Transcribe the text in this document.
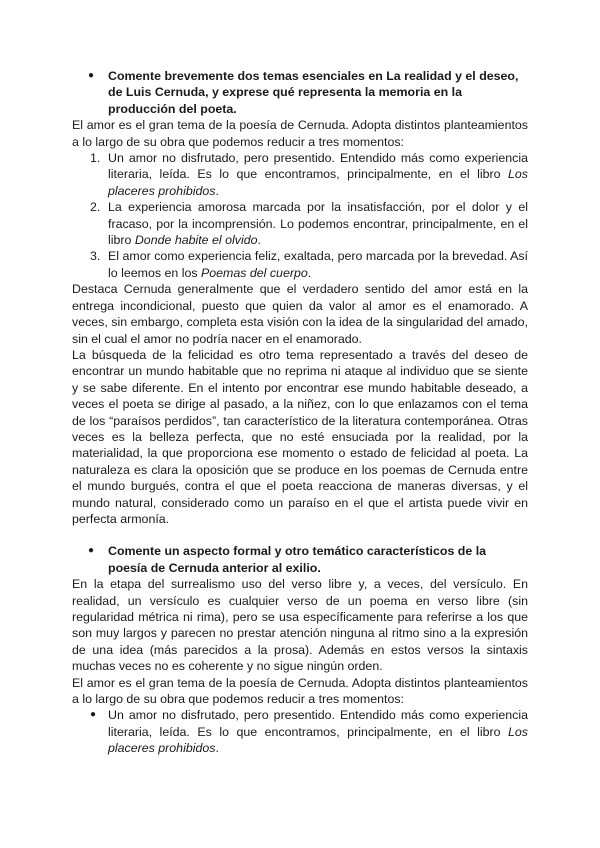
● Comente brevemente dos temas esenciales en La realidad y el deseo, de Luis Cernuda, y exprese qué representa la memoria en la producción del poeta.

El amor es el gran tema de la poesía de Cernuda. Adopta distintos planteamientos a lo largo de su obra que podemos reducir a tres momentos:

1. Un amor no disfrutado, pero presentido. Entendido más como experiencia literaria, leída. Es lo que encontramos, principalmente, en el libro Los placeres prohibidos.
2. La experiencia amorosa marcada por la insatisfacción, por el dolor y el fracaso, por la incomprensión. Lo podemos encontrar, principalmente, en el libro Donde habite el olvido.
3. El amor como experiencia feliz, exaltada, pero marcada por la brevedad. Así lo leemos en los Poemas del cuerpo.

Destaca Cernuda generalmente que el verdadero sentido del amor está en la entrega incondicional, puesto que quien da valor al amor es el enamorado. A veces, sin embargo, completa esta visión con la idea de la singularidad del amado, sin el cual el amor no podría nacer en el enamorado.

La búsqueda de la felicidad es otro tema representado a través del deseo de encontrar un mundo habitable que no reprima ni ataque al individuo que se siente y se sabe diferente. En el intento por encontrar ese mundo habitable deseado, a veces el poeta se dirige al pasado, a la niñez, con lo que enlazamos con el tema de los “paraísos perdidos”, tan característico de la literatura contemporánea. Otras veces es la belleza perfecta, que no esté ensuciada por la realidad, por la materialidad, la que proporciona ese momento o estado de felicidad al poeta. La naturaleza es clara la oposición que se produce en los poemas de Cernuda entre el mundo burgués, contra el que el poeta reacciona de maneras diversas, y el mundo natural, considerado como un paraíso en el que el artista puede vivir en perfecta armonía.

● Comente un aspecto formal y otro temático característicos de la poesía de Cernuda anterior al exilio.

En la etapa del surrealismo uso del verso libre y, a veces, del versículo. En realidad, un versículo es cualquier verso de un poema en verso libre (sin regularidad métrica ni rima), pero se usa específicamente para referirse a los que son muy largos y parecen no prestar atención ninguna al ritmo sino a la expresión de una idea (más parecidos a la prosa). Además en estos versos la sintaxis muchas veces no es coherente y no sigue ningún orden.

El amor es el gran tema de la poesía de Cernuda. Adopta distintos planteamientos a lo largo de su obra que podemos reducir a tres momentos:

● Un amor no disfrutado, pero presentido. Entendido más como experiencia literaria, leída. Es lo que encontramos, principalmente, en el libro Los placeres prohibidos.
